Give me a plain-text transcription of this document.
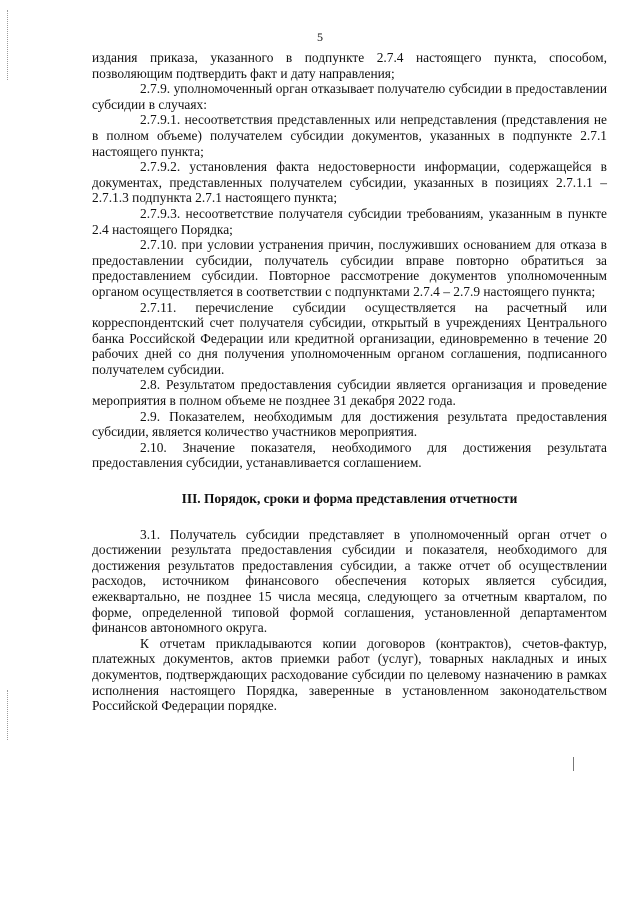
5

издания приказа, указанного в подпункте 2.7.4 настоящего пункта, способом, позволяющим подтвердить факт и дату направления;

2.7.9. уполномоченный орган отказывает получателю субсидии в предоставлении субсидии в случаях:

2.7.9.1. несоответствия представленных или непредставления (представления не в полном объеме) получателем субсидии документов, указанных в подпункте 2.7.1 настоящего пункта;

2.7.9.2. установления факта недостоверности информации, содержащейся в документах, представленных получателем субсидии, указанных в позициях 2.7.1.1 – 2.7.1.3 подпункта 2.7.1 настоящего пункта;

2.7.9.3. несоответствие получателя субсидии требованиям, указанным в пункте 2.4 настоящего Порядка;

2.7.10. при условии устранения причин, послуживших основанием для отказа в предоставлении субсидии, получатель субсидии вправе повторно обратиться за предоставлением субсидии. Повторное рассмотрение документов уполномоченным органом осуществляется в соответствии с подпунктами 2.7.4 – 2.7.9 настоящего пункта;

2.7.11. перечисление субсидии осуществляется на расчетный или корреспондентский счет получателя субсидии, открытый в учреждениях Центрального банка Российской Федерации или кредитной организации, единовременно в течение 20 рабочих дней со дня получения уполномоченным органом соглашения, подписанного получателем субсидии.

2.8. Результатом предоставления субсидии является организация и проведение мероприятия в полном объеме не позднее 31 декабря 2022 года.

2.9. Показателем, необходимым для достижения результата предоставления субсидии, является количество участников мероприятия.

2.10. Значение показателя, необходимого для достижения результата предоставления субсидии, устанавливается соглашением.

III. Порядок, сроки и форма представления отчетности

3.1. Получатель субсидии представляет в уполномоченный орган отчет о достижении результата предоставления субсидии и показателя, необходимого для достижения результатов предоставления субсидии, а также отчет об осуществлении расходов, источником финансового обеспечения которых является субсидия, ежеквартально, не позднее 15 числа месяца, следующего за отчетным кварталом, по форме, определенной типовой формой соглашения, установленной департаментом финансов автономного округа.

К отчетам прикладываются копии договоров (контрактов), счетов-фактур, платежных документов, актов приемки работ (услуг), товарных накладных и иных документов, подтверждающих расходование субсидии по целевому назначению в рамках исполнения настоящего Порядка, заверенные в установленном законодательством Российской Федерации порядке.
